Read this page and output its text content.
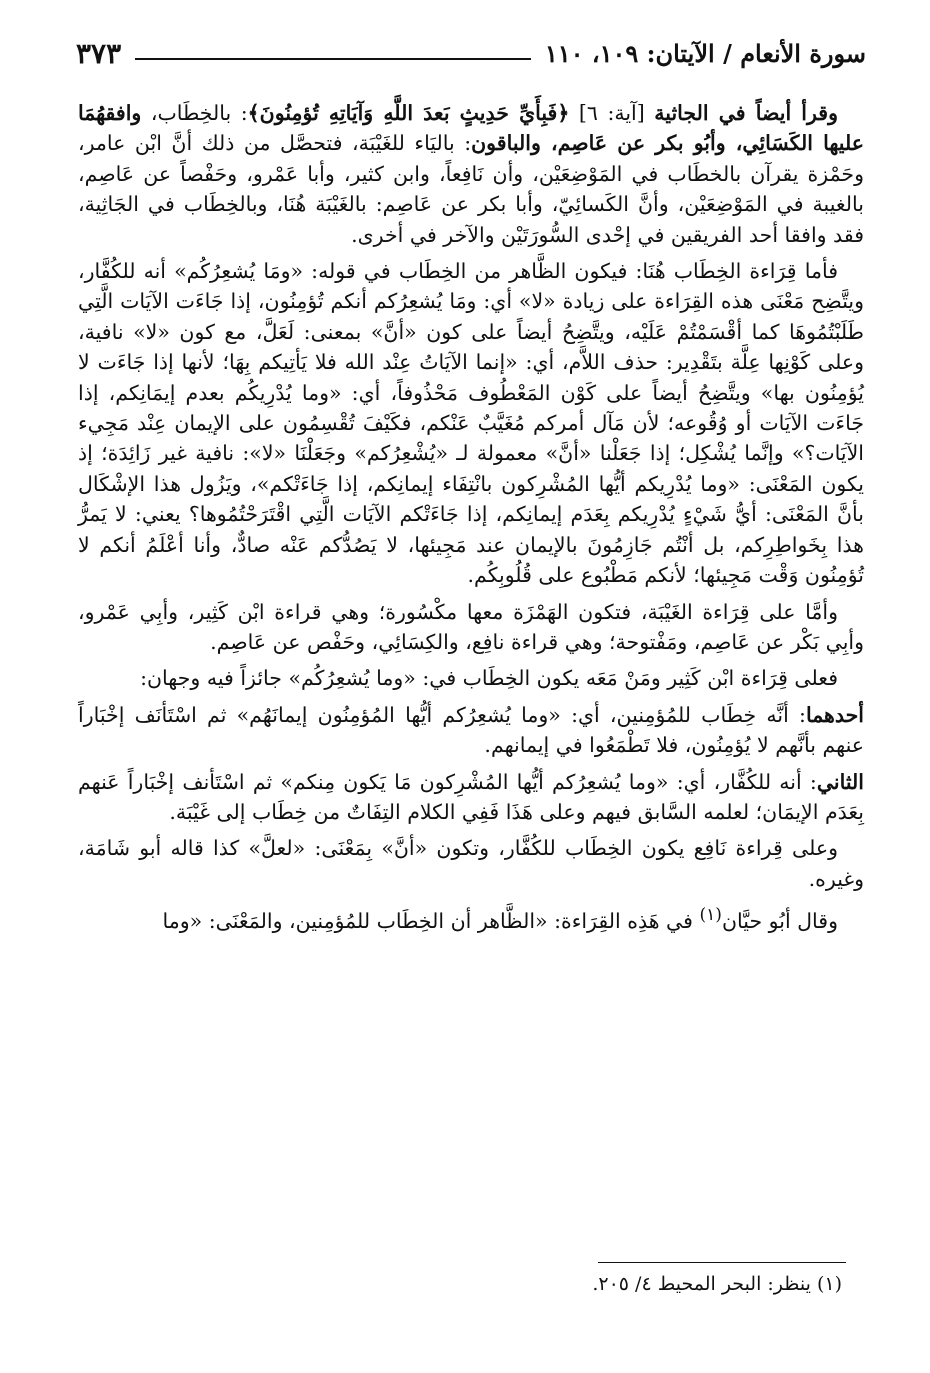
سورة الأنعام / الآيتان: ١٠٩، ١١٠
٣٧٣

وقرأ أيضاً في الجاثية [آية: ٦] ﴿فَبِأَيِّ حَدِيثٍ بَعدَ اللَّهِ وَآيَاتِهِ تُؤمِنُونَ﴾: بالخِطَاب، وافقهُمَا عليها الكَسَائِي، وأبُو بكر عن عَاصِم، والباقون: باليَاء للغَيْبَة، فتحصَّل من ذلك أنَّ ابْن عامر، وحَمْزة يقرآن بالخطَاب في المَوْضِعَيْن، وأن نَافِعاً، وابن كثير، وأبا عَمْرو، وحَفْصاً عن عَاصِم، بالغيبة في المَوْضِعَيْن، وأنَّ الكَسائِيّ، وأبا بكر عن عَاصِم: بالغَيْبَة هُنَا، وبالخِطَاب في الجَاثِية، فقد وافقا أحد الفريقين في إحْدى السُّورَتَيْن والآخر في أخرى.

فأما قِرَاءة الخِطَاب هُنَا: فيكون الظَّاهر من الخِطَاب في قوله: «ومَا يُشعِرُكُم» أنه للكُفَّار، ويتَّضِح مَعْنَى هذه القِرَاءة على زيادة «لا» أي: ومَا يُشعِرُكم أنكم تُؤمِنُون، إذا جَاءَت الآيَات الَّتِي طَلَبْتُمُوهَا كما أقْسَمْتُمْ عَلَيْه، ويتَّضِحُ أيضاً على كون «أنَّ» بمعنى: لَعَلَّ، مع كون «لا» نافية، وعلى كَوْنِها عِلَّة بتَقْدِير: حذف اللاَّم، أي: «إنما الآيَاتُ عِنْد الله فلا يَأتِيكم بِهَا؛ لأنها إذا جَاءَت لا يُؤمِنُون بها» ويتَّضِحُ أيضاً على كَوْن المَعْطُوف مَحْذُوفاً، أي: «وما يُدْرِيكُم بعدم إيمَانِكم، إذا جَاءَت الآيَات أو وُقُوعه؛ لأن مَآل أمركم مُغَيَّبٌ عَنْكم، فكَيْفَ تُقْسِمُون على الإيمان عِنْد مَجِيء الآيَات؟» وإنَّما يُشْكِل؛ إذا جَعَلْنا «أنَّ» معمولة لـ «يُشْعِرُكم» وجَعَلْنَا «لا»: نافية غير زَائِدَة؛ إذ يكون المَعْنَى: «وما يُدْرِيكم أيُّها المُشْرِكون بانْتِفَاء إيمانِكم، إذا جَاءَتْكم»، ويَزُول هذا الإشْكَال بأنَّ المَعْنَى: أيُّ شَيْءٍ يُدْرِيكم بِعَدَم إيمانِكم، إذا جَاءَتْكم الآيَات الَّتِي اقْتَرَحْتُمُوها؟ يعني: لا يَمرُّ هذا بِخَواطِرِكم، بل أنْتُم جَازِمُونَ بالإيمان عند مَجِيئها، لا يَصُدُّكم عَنْه صادٌّ، وأنا أعْلَمُ أنكم لا تُؤمِنُون وَقْت مَجِيئها؛ لأنكم مَطْبُوع على قُلُوبِكُم.

وأمَّا على قِرَاءة الغَيْبَة، فتكون الهَمْزَة معها مكْسُورة؛ وهي قراءة ابْن كَثِير، وأبِي عَمْرو، وأبِي بَكْر عن عَاصِم، ومَفْتوحة؛ وهي قراءة نافِع، والكِسَائِي، وحَفْص عن عَاصِم.

فعلى قِرَاءة ابْن كَثِير ومَنْ مَعَه يكون الخِطَاب في: «وما يُشعِرُكُم» جائزاً فيه وجهان:

أحدهما: أنَّه خِطَاب للمُؤمِنين، أي: «وما يُشعِرُكم أيُّها المُؤمِنُون إيمانَهُم» ثم اسْتَأنَف إخْبَاراً عنهم بأنَّهم لا يُؤمِنُون، فلا تَطْمَعُوا في إيمانهم.

الثاني: أنه للكُفَّار، أي: «وما يُشعِرُكم أيُّها المُشْرِكون مَا يَكون مِنكم» ثم اسْتَأنف إخْبَاراً عَنهم بِعَدَم الإيمَان؛ لعلمه السَّابق فيهم وعلى هَذَا فَفِي الكلام التِفَاتٌ من خِطَاب إلى غَيْبَة.

وعلى قِراءة نَافِع يكون الخِطَاب للكُفَّار، وتكون «أنَّ» بِمَعْنَى: «لعلَّ» كذا قاله أبو شَامَة، وغيره.

وقال أبُو حيَّان$^{(١)}$ في هَذِه القِرَاءة: «الظَّاهر أن الخِطَاب للمُؤمِنين، والمَعْنَى: «وما

(١) ينظر: البحر المحيط ٤/ ٢٠٥.
